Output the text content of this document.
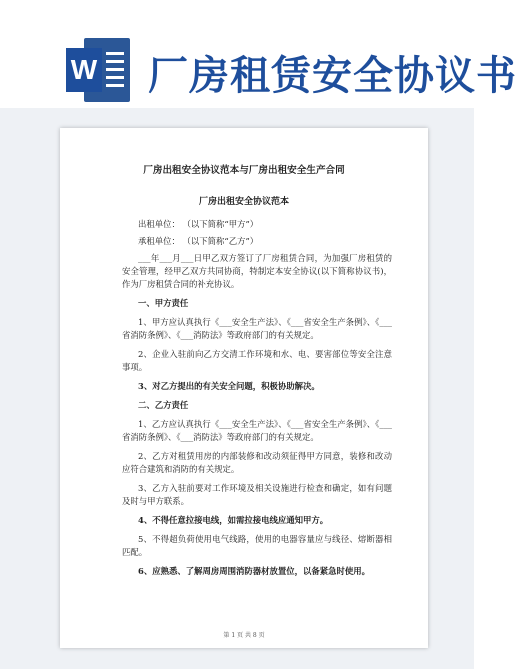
W 厂房租赁安全协议书
厂房出租安全协议范本与厂房出租安全生产合同
厂房出租安全协议范本

出租单位： （以下简称“甲方”）

承租单位： （以下简称“乙方”）

___年___月___日甲乙双方签订了厂房租赁合同，为加强厂房租赁的安全管理，经甲乙双方共同协商，特制定本安全协议(以下简称协议书)，作为厂房租赁合同的补充协议。

一、甲方责任

1、甲方应认真执行《___安全生产法》、《___省安全生产条例》、《___省消防条例》、《___消防法》等政府部门的有关规定。

2、企业入驻前向乙方交清工作环境和水、电、要害部位等安全注意事项。

3、对乙方提出的有关安全问题，积极协助解决。

二、乙方责任

1、乙方应认真执行《___安全生产法》、《___省安全生产条例》、《___省消防条例》、《___消防法》等政府部门的有关规定。

2、乙方对租赁用房的内部装修和改动须征得甲方同意，装修和改动应符合建筑和消防的有关规定。

3、乙方入驻前要对工作环境及相关设施进行检查和确定，如有问题及时与甲方联系。

4、不得任意拉接电线，如需拉接电线应通知甲方。

5、不得超负荷使用电气线路，使用的电器容量应与线径、熔断器相匹配。

6、应熟悉、了解周房周围消防器材放置位，以备紧急时使用。

第 1 页 共 8 页
